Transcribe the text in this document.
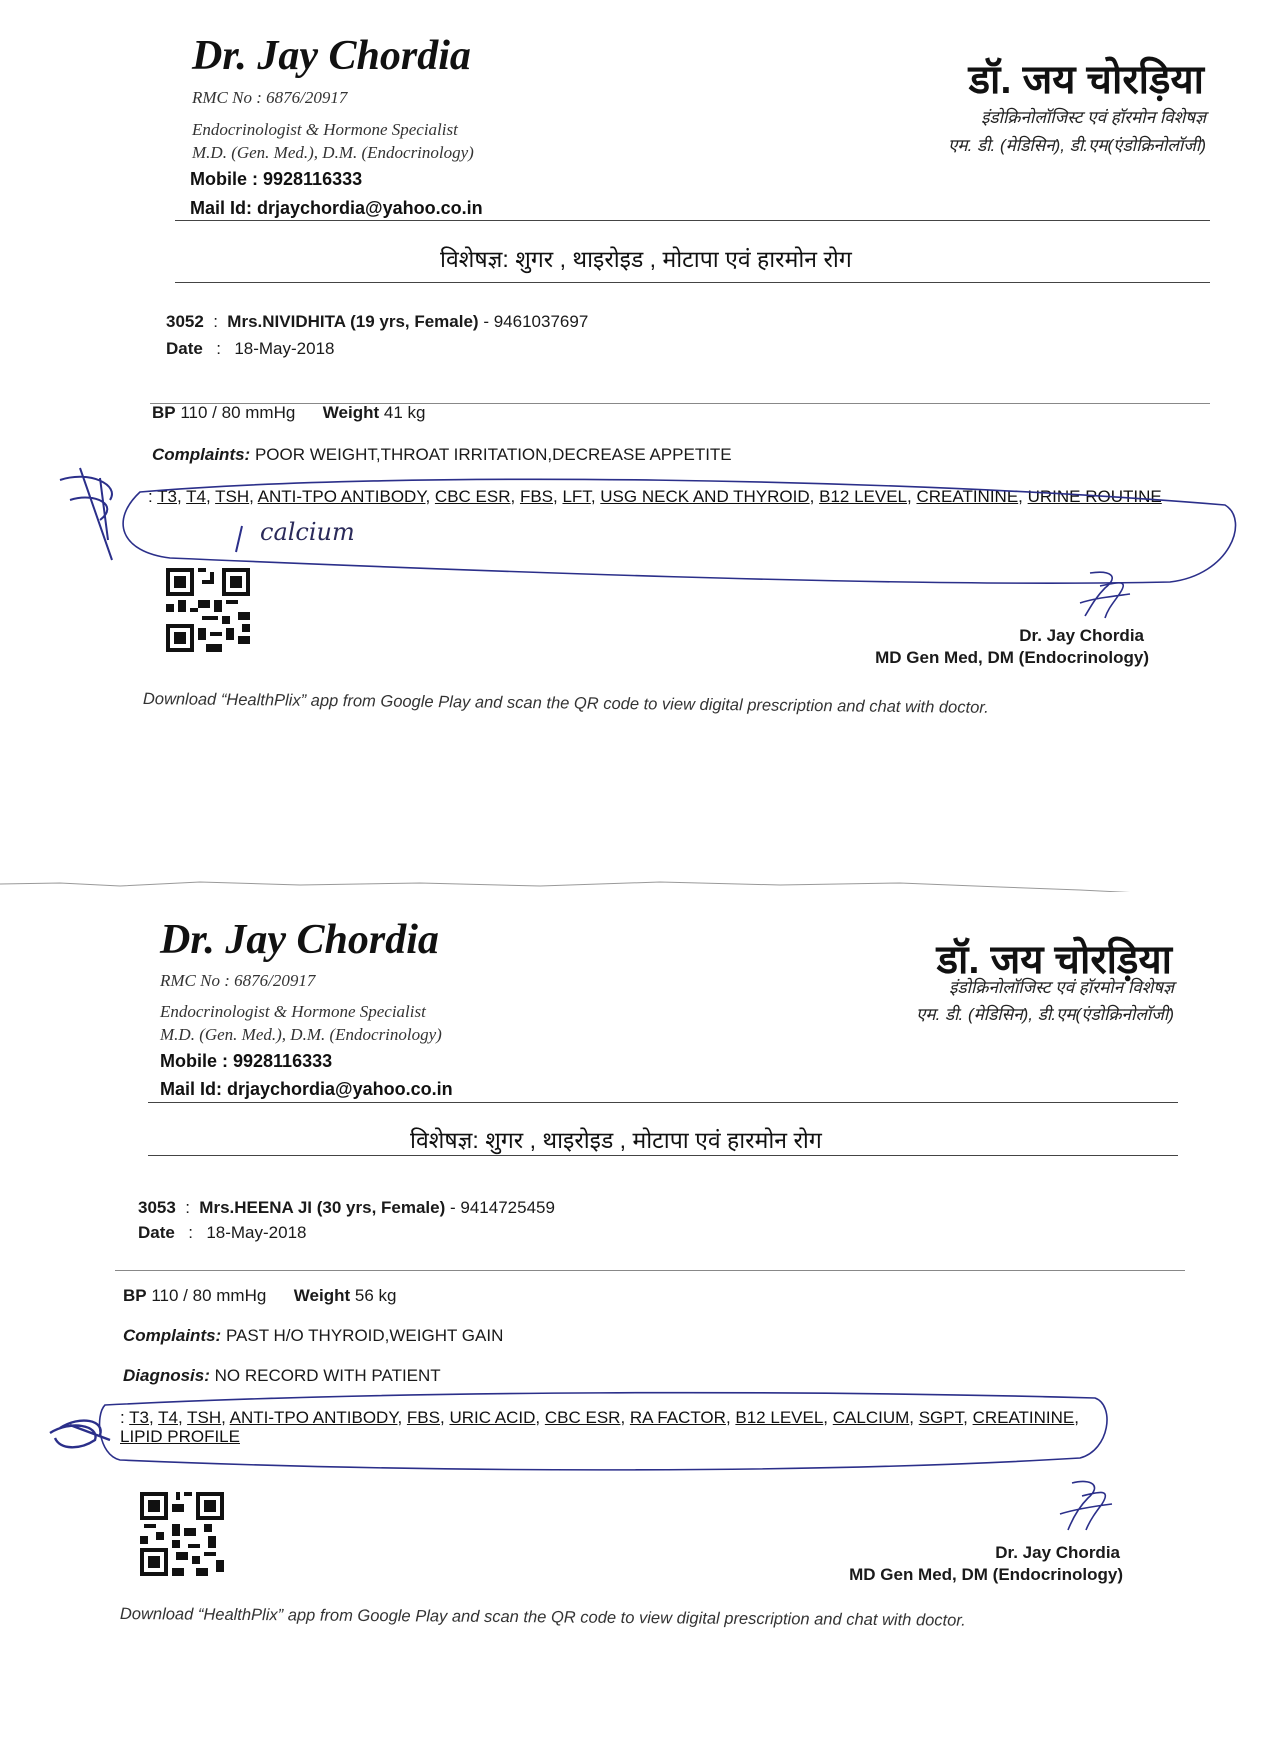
Dr. Jay Chordia
RMC No : 6876/20917
Endocrinologist & Hormone Specialist
M.D. (Gen. Med.), D.M. (Endocrinology)
Mobile : 9928116333
Mail Id: drjaychordia@yahoo.co.in
डॉ. जय चोरड़िया
इंडोक्रिनोलॉजिस्ट एवं हॉरमोन विशेषज्ञ
एम. डी. (मेडिसिन), डी.एम(एंडोक्रिनोलॉजी)
विशेषज्ञ: शुगर , थाइरोइड , मोटापा एवं हारमोन रोग
3052 : Mrs.NIVIDHITA (19 yrs, Female) - 9461037697
Date : 18-May-2018
BP 110 / 80 mmHg Weight 41 kg
Complaints: POOR WEIGHT,THROAT IRRITATION,DECREASE APPETITE
: T3, T4, TSH, ANTI-TPO ANTIBODY, CBC ESR, FBS, LFT, USG NECK AND THYROID, B12 LEVEL, CREATININE, URINE ROUTINE
calcium
Dr. Jay Chordia
MD Gen Med, DM (Endocrinology)
Download “HealthPlix” app from Google Play and scan the QR code to view digital prescription and chat with doctor.
Dr. Jay Chordia
RMC No : 6876/20917
Endocrinologist & Hormone Specialist
M.D. (Gen. Med.), D.M. (Endocrinology)
Mobile : 9928116333
Mail Id: drjaychordia@yahoo.co.in
डॉ. जय चोरड़िया
इंडोक्रिनोलॉजिस्ट एवं हॉरमोन विशेषज्ञ
एम. डी. (मेडिसिन), डी.एम(एंडोक्रिनोलॉजी)
विशेषज्ञ: शुगर , थाइरोइड , मोटापा एवं हारमोन रोग
3053 : Mrs.HEENA JI (30 yrs, Female) - 9414725459
Date : 18-May-2018
BP 110 / 80 mmHg Weight 56 kg
Complaints: PAST H/O THYROID,WEIGHT GAIN
Diagnosis: NO RECORD WITH PATIENT
: T3, T4, TSH, ANTI-TPO ANTIBODY, FBS, URIC ACID, CBC ESR, RA FACTOR, B12 LEVEL, CALCIUM, SGPT, CREATININE, LIPID PROFILE
Dr. Jay Chordia
MD Gen Med, DM (Endocrinology)
Download “HealthPlix” app from Google Play and scan the QR code to view digital prescription and chat with doctor.
